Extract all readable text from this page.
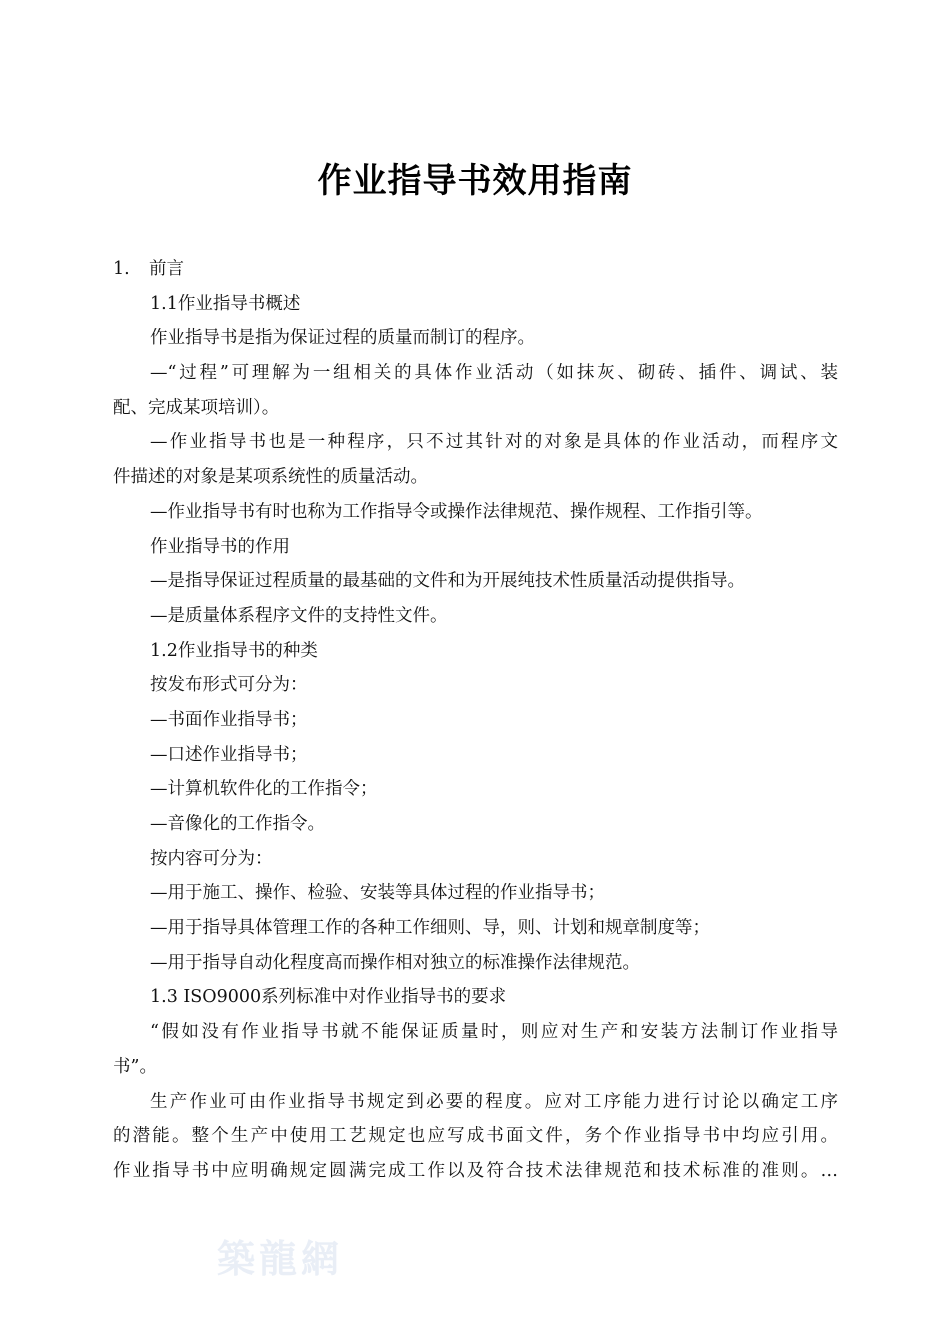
作业指导书效用指南
1. 前言
1.1作业指导书概述
作业指导书是指为保证过程的质量而制订的程序。
—“过程”可理解为一组相关的具体作业活动（如抹灰、砌砖、插件、调试、装
配、完成某项培训）。
—作业指导书也是一种程序，只不过其针对的对象是具体的作业活动，而程序文
件描述的对象是某项系统性的质量活动。
—作业指导书有时也称为工作指导令或操作法律规范、操作规程、工作指引等。
作业指导书的作用
—是指导保证过程质量的最基础的文件和为开展纯技术性质量活动提供指导。
—是质量体系程序文件的支持性文件。
1.2作业指导书的种类
按发布形式可分为：
—书面作业指导书；
—口述作业指导书；
—计算机软件化的工作指令；
—音像化的工作指令。
按内容可分为：
—用于施工、操作、检验、安装等具体过程的作业指导书；
—用于指导具体管理工作的各种工作细则、导，则、计划和规章制度等；
—用于指导自动化程度高而操作相对独立的标准操作法律规范。
1.3 ISO9000系列标准中对作业指导书的要求
“假如没有作业指导书就不能保证质量时，则应对生产和安装方法制订作业指导
书”。
生产作业可由作业指导书规定到必要的程度。应对工序能力进行讨论以确定工序
的潜能。整个生产中使用工艺规定也应写成书面文件，务个作业指导书中均应引用。
作业指导书中应明确规定圆满完成工作以及符合技术法律规范和技术标准的准则。…
築龍網
